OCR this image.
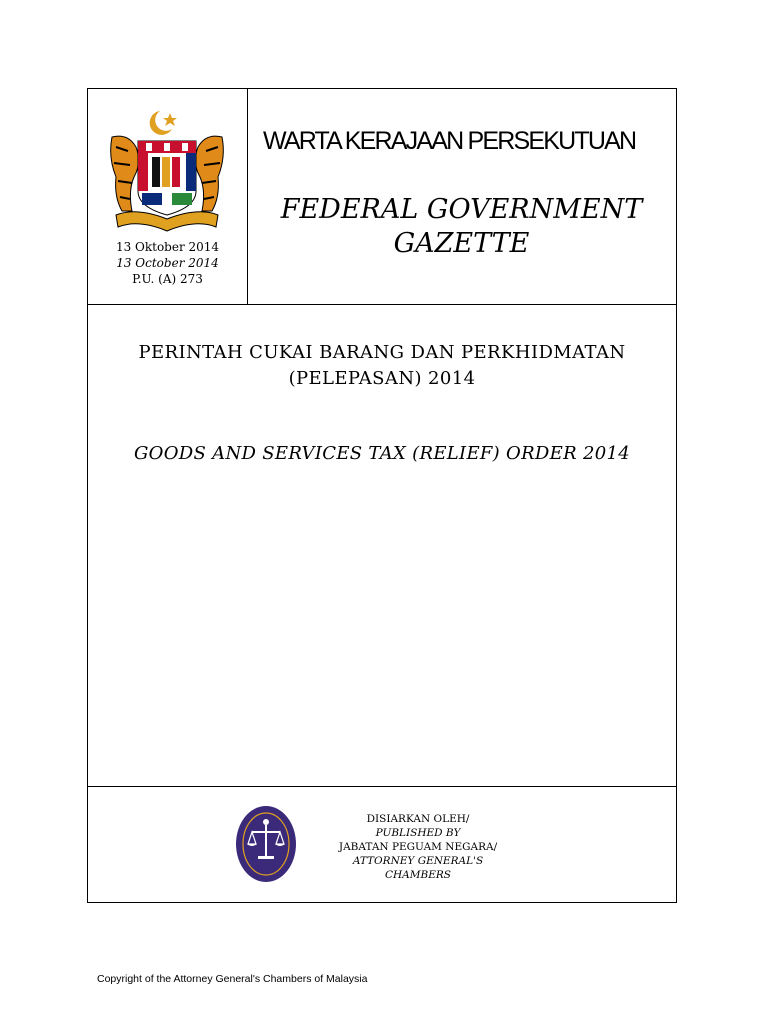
13 Oktober 2014
13 October 2014
P.U. (A) 273
WARTA KERAJAAN PERSEKUTUAN
FEDERAL GOVERNMENT
GAZETTE
PERINTAH CUKAI BARANG DAN PERKHIDMATAN
(PELEPASAN) 2014
GOODS AND SERVICES TAX (RELIEF) ORDER 2014
DISIARKAN OLEH/
PUBLISHED BY
JABATAN PEGUAM NEGARA/
ATTORNEY GENERAL'S CHAMBERS
Copyright of the Attorney General's Chambers of Malaysia
